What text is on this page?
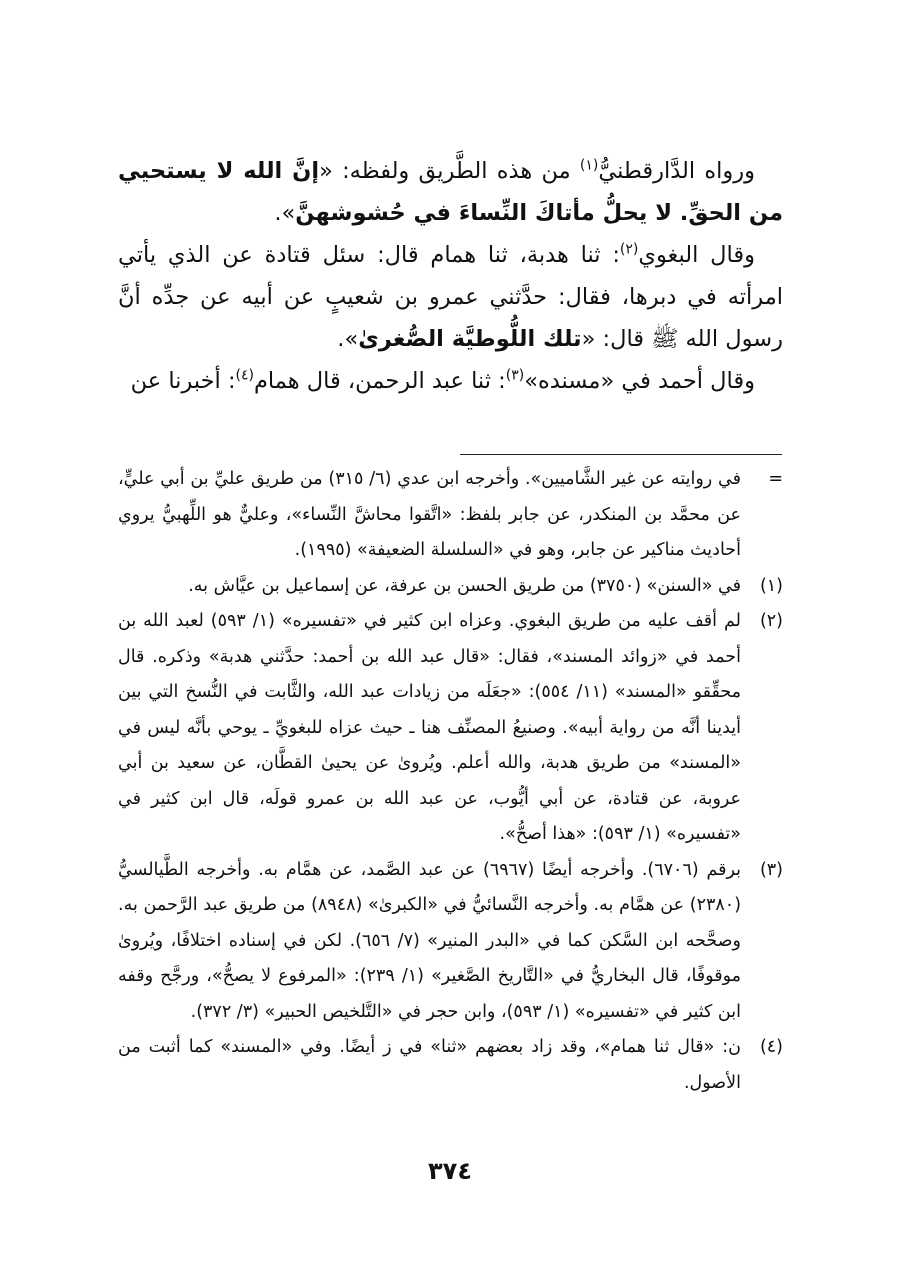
ورواه الدَّارقطنيُّ$^{(١)}$ من هذه الطَّريق ولفظه: «إنَّ الله لا يستحيي من الحقِّ. لا يحلُّ مأتاكَ النِّساءَ في حُشوشهنَّ».

وقال البغوي$^{(٢)}$: ثنا هدبة، ثنا همام قال: سئل قتادة عن الذي يأتي امرأته في دبرها، فقال: حدَّثني عمرو بن شعيبٍ عن أبيه عن جدِّه أنَّ رسول الله ﷺ قال: «تلك اللُّوطيَّة الصُّغرىٰ».

وقال أحمد في «مسنده»$^{(٣)}$: ثنا عبد الرحمن، قال همام$^{(٤)}$: أخبرنا عن

=
في روايته عن غير الشَّاميين». وأخرجه ابن عدي (٦/ ٣١٥) من طريق عليِّ بن أبي عليٍّ، عن محمَّد بن المنكدر، عن جابر بلفظ: «اتَّقوا محاشَّ النِّساء»، وعليٌّ هو اللِّهبيُّ يروي أحاديث مناكير عن جابر، وهو في «السلسلة الضعيفة» (١٩٩٥).

(١)
في «السنن» (٣٧٥٠) من طريق الحسن بن عرفة، عن إسماعيل بن عيَّاش به.

(٢)
لم أقف عليه من طريق البغوي. وعزاه ابن كثير في «تفسيره» (١/ ٥٩٣) لعبد الله بن أحمد في «زوائد المسند»، فقال: «قال عبد الله بن أحمد: حدَّثني هدبة» وذكره. قال محقِّقو «المسند» (١١/ ٥٥٤): «جعَلَه من زيادات عبد الله، والثَّابت في النُّسخ التي بين أيدينا أنَّه من رواية أبيه». وصنيعُ المصنِّف هنا ـ حيث عزاه للبغويِّ ـ يوحي بأنَّه ليس في «المسند» من طريق هدبة، والله أعلم. ويُروىٰ عن يحيىٰ القطَّان، عن سعيد بن أبي عروبة، عن قتادة، عن أبي أيُّوب، عن عبد الله بن عمرو قولَه، قال ابن كثير في «تفسيره» (١/ ٥٩٣): «هذا أصحُّ».

(٣)
برقم (٦٧٠٦). وأخرجه أيضًا (٦٩٦٧) عن عبد الصَّمد، عن همَّام به. وأخرجه الطَّيالسيُّ (٢٣٨٠) عن همَّام به. وأخرجه النَّسائيُّ في «الكبرىٰ» (٨٩٤٨) من طريق عبد الرَّحمن به. وصحَّحه ابن السَّكن كما في «البدر المنير» (٧/ ٦٥٦). لكن في إسناده اختلافًا، ويُروىٰ موقوفًا، قال البخاريُّ في «التَّاريخ الصَّغير» (١/ ٢٣٩): «المرفوع لا يصحُّ»، ورجَّح وقفه ابن كثير في «تفسيره» (١/ ٥٩٣)، وابن حجر في «التَّلخيص الحبير» (٣/ ٣٧٢).

(٤)
ن: «قال ثنا همام»، وقد زاد بعضهم «ثنا» في ز أيضًا. وفي «المسند» كما أثبت من الأصول.

٣٧٤
